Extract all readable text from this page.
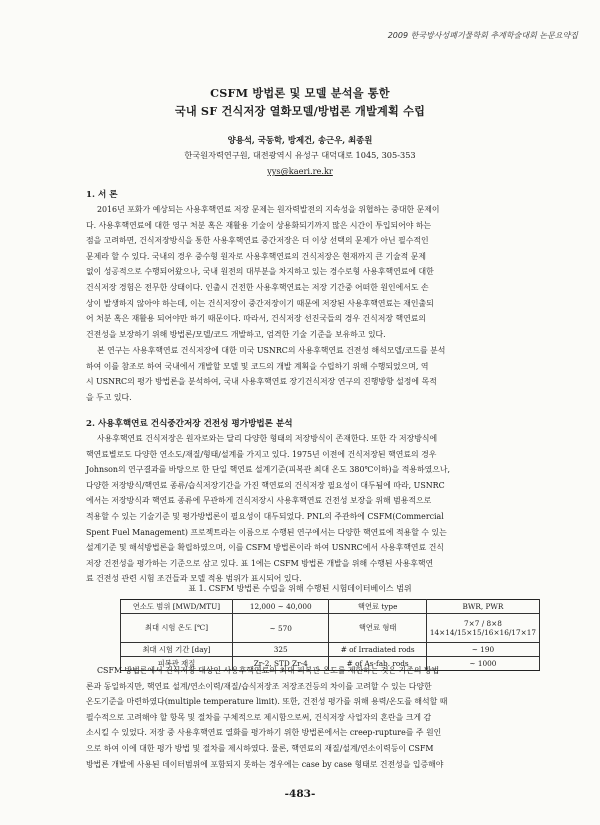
2009 한국방사성폐기물학회 추계학술대회 논문요약집
CSFM 방법론 및 모델 분석을 통한
국내 SF 건식저장 열화모델/방법론 개발계획 수립
양용석, 국동학, 방제건, 송근우, 최종원
한국원자력연구원, 대전광역시 유성구 대덕대로 1045, 305-353
yys@kaeri.re.kr
1. 서 론

2016년 포화가 예상되는 사용후핵연료 저장 문제는 원자력발전의 지속성을 위협하는 중대한 문제이
다. 사용후핵연료에 대한 영구 처분 혹은 재활용 기술이 상용화되기까지 많은 시간이 투입되어야 하는
점을 고려하면, 건식저장방식을 통한 사용후핵연료 중간저장은 더 이상 선택의 문제가 아닌 필수적인
문제라 할 수 있다. 국내의 경우 중수형 원자로 사용후핵연료의 건식저장은 현재까지 큰 기술적 문제
없이 성공적으로 수행되어왔으나, 국내 원전의 대부분을 차지하고 있는 경수로형 사용후핵연료에 대한
건식저장 경험은 전무한 상태이다. 인출시 건전한 사용후핵연료는 저장 기간중 어떠한 원인에서도 손
상이 발생하지 않아야 하는데, 이는 건식저장이 중간저장이기 때문에 저장된 사용후핵연료는 재인출되
어 처분 혹은 재활용 되어야만 하기 때문이다. 따라서, 건식저장 선진국들의 경우 건식저장 핵연료의
건전성을 보장하기 위해 방법론/모델/코드 개발하고, 엄격한 기술 기준을 보유하고 있다.

본 연구는 사용후핵연료 건식저장에 대한 미국 USNRC의 사용후핵연료 건전성 해석모델/코드를 분석
하여 이를 참조로 하여 국내에서 개발할 모델 및 코드의 개발 계획을 수립하기 위해 수행되었으며, 역
시 USNRC의 평가 방법론을 분석하여, 국내 사용후핵연료 장기건식저장 연구의 진행방향 설정에 목적
을 두고 있다.

2. 사용후핵연료 건식중간저장 건전성 평가방법론 분석

사용후핵연료 건식저장은 원자로와는 달리 다양한 형태의 저장방식이 존재한다. 또한 각 저장방식에
핵연료별로도 다양한 연소도/재질/형태/설계를 가지고 있다. 1975년 이전에 건식저장된 핵연료의 경우
Johnson의 연구결과를 바탕으로 한 단일 핵연료 설계기준(피복관 최대 온도 380℃이하)을 적용하였으나,
다양한 저장방식/핵연료 종류/습식저장기간을 가진 핵연료의 건식저장 필요성이 대두됨에 따라, USNRC
에서는 저장방식과 핵연료 종류에 무관하게 건식저장시 사용후핵연료 건전성 보장을 위해 범용적으로
적용할 수 있는 기술기준 및 평가방법론이 필요성이 대두되었다. PNL의 주관하에 CSFM(Commercial
Spent Fuel Management) 프로젝트라는 이름으로 수행된 연구에서는 다양한 핵연료에 적용할 수 있는
설계기준 및 해석방법론을 확립하였으며, 이를 CSFM 방법론이라 하여 USNRC에서 사용후핵연료 건식
저장 건전성을 평가하는 기준으로 삼고 있다. 표 1에는 CSFM 방법론 개발을 위해 수행된 사용후핵연
료 건전성 관련 시험 조건들과 모델 적용 범위가 표시되어 있다.

표 1. CSFM 방법론 수립을 위해 수행된 시험데이터베이스 범위
연소도 범위 [MWD/MTU]	12,000 ~ 40,000	핵연료 type	BWR, PWR
최대 시험 온도 [℃]	~ 570	핵연료 형태	7×7 / 8×8
14×14/15×15/16×16/17×17

최대 시험 기간 [day]	325	# of Irradiated rods	~ 190
피복관 재질	Zr-2, STD Zr-4	# of As-fab. rods	~ 1000

CSFM 방법론에서 건식저장 대상인 사용후핵연료의 최대 피복관 온도를 제한하는 것은 기존의 방법
론과 동일하지만, 핵연료 설계/연소이력/재질/습식저장조 저장조건등의 차이를 고려할 수 있는 다양한
온도기준을 마련하였다(multiple temperature limit). 또한, 건전성 평가를 위해 용력/온도를 해석할 때
필수적으로 고려해야 할 항목 및 절차를 구체적으로 제시함으로써, 건식저장 사업자의 혼란을 크게 감
소시킬 수 있었다. 저장 중 사용후핵연료 열화를 평가하기 위한 방법론에서는 creep-rupture를 주 원인
으로 하여 이에 대한 평가 방법 및 절차를 제시하였다. 물론, 핵연료의 재질/설계/연소이력등이 CSFM
방법론 개발에 사용된 데이터범위에 포함되지 못하는 경우에는 case by case 형태로 건전성을 입증해야

-483-
